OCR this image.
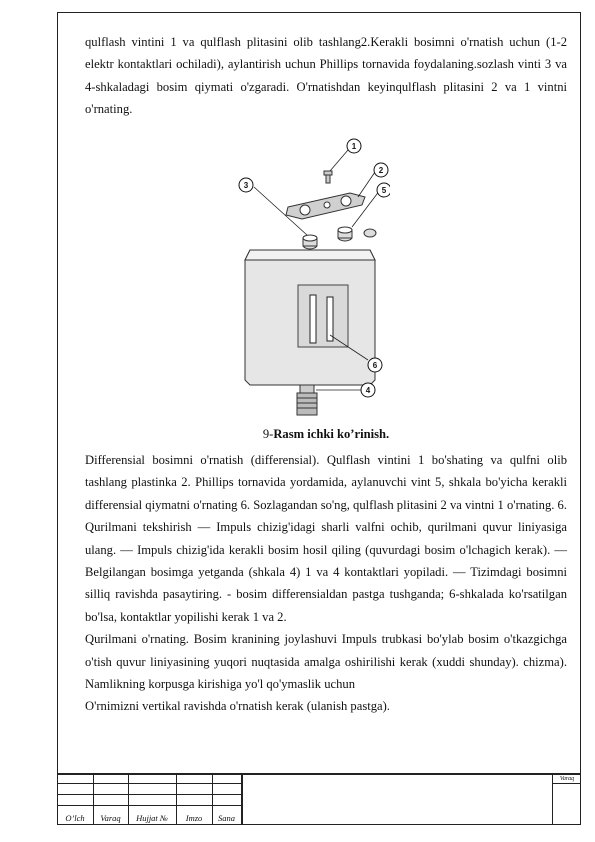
qulflash vintini 1 va qulflash plitasini olib tashlang2.Kerakli bosimni o'rnatish uchun (1-2 elektr kontaktlari ochiladi), aylantirish uchun Phillips tornavida foydalaning.sozlash vinti 3 va 4-shkaladagi bosim qiymati o'zgaradi. O'rnatishdan keyinqulflash plitasini 2 va 1 vintni o'rnating.

1
2
3
5
6
4
9-Rasm ichki ko’rinish.

Differensial bosimni o'rnatish (differensial). Qulflash vintini 1 bo'shating va qulfni olib tashlang plastinka 2. Phillips tornavida yordamida, aylanuvchi vint 5, shkala bo'yicha kerakli differensial qiymatni o'rnating 6. Sozlagandan so'ng, qulflash plitasini 2 va vintni 1 o'rnating. 6. Qurilmani tekshirish — Impuls chizig'idagi sharli valfni ochib, qurilmani quvur liniyasiga ulang. — Impuls chizig'ida kerakli bosim hosil qiling (quvurdagi bosim o'lchagich kerak). — Belgilangan bosimga yetganda (shkala 4) 1 va 4 kontaktlari yopiladi. — Tizimdagi bosimni silliq ravishda pasaytiring. - bosim differensialdan pastga tushganda; 6-shkalada ko'rsatilgan bo'lsa, kontaktlar yopilishi kerak 1 va 2.

Qurilmani o'rnating. Bosim kranining joylashuvi Impuls trubkasi bo'ylab bosim o'tkazgichga o'tish quvur liniyasining yuqori nuqtasida amalga oshirilishi kerak (xuddi shunday). chizma). Namlikning korpusga kirishiga yo'l qo'ymaslik uchun

O'rnimizni vertikal ravishda o'rnatish kerak (ulanish pastga).

O’lch	Varaq	Hujjat №	Imzo	Sana
Varaq
